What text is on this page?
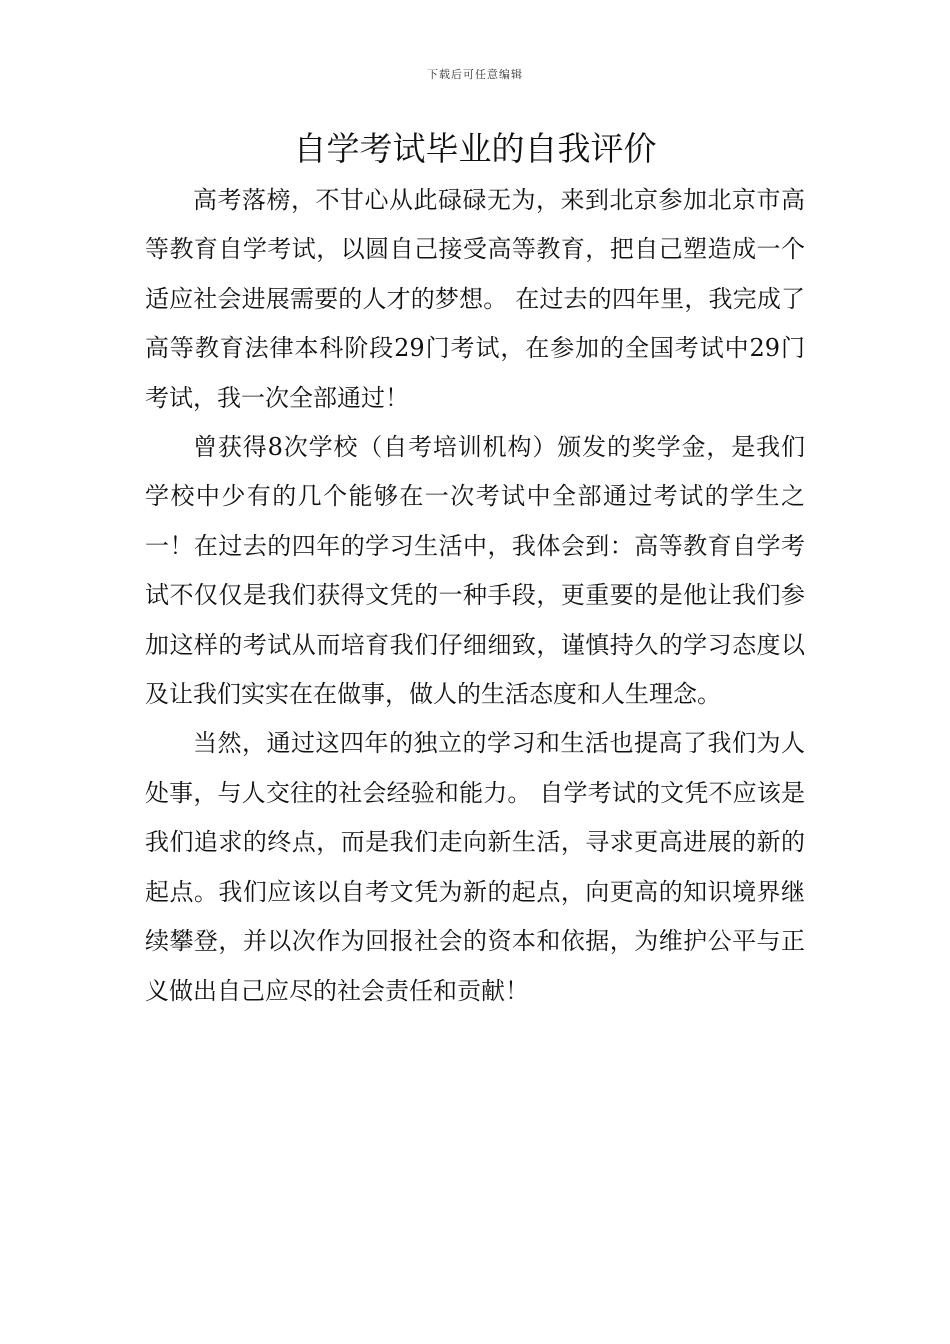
下载后可任意编辑
自学考试毕业的自我评价

高考落榜，不甘心从此碌碌无为，来到北京参加北京市高等教育自学考试，以圆自己接受高等教育，把自己塑造成一个适应社会进展需要的人才的梦想。 在过去的四年里，我完成了高等教育法律本科阶段29门考试，在参加的全国考试中29门考试，我一次全部通过！

曾获得8次学校（自考培训机构）颁发的奖学金，是我们学校中少有的几个能够在一次考试中全部通过考试的学生之一！在过去的四年的学习生活中，我体会到：高等教育自学考试不仅仅是我们获得文凭的一种手段，更重要的是他让我们参加这样的考试从而培育我们仔细细致，谨慎持久的学习态度以及让我们实实在在做事，做人的生活态度和人生理念。

当然，通过这四年的独立的学习和生活也提高了我们为人处事，与人交往的社会经验和能力。 自学考试的文凭不应该是我们追求的终点，而是我们走向新生活，寻求更高进展的新的起点。我们应该以自考文凭为新的起点，向更高的知识境界继续攀登，并以次作为回报社会的资本和依据，为维护公平与正义做出自己应尽的社会责任和贡献！
